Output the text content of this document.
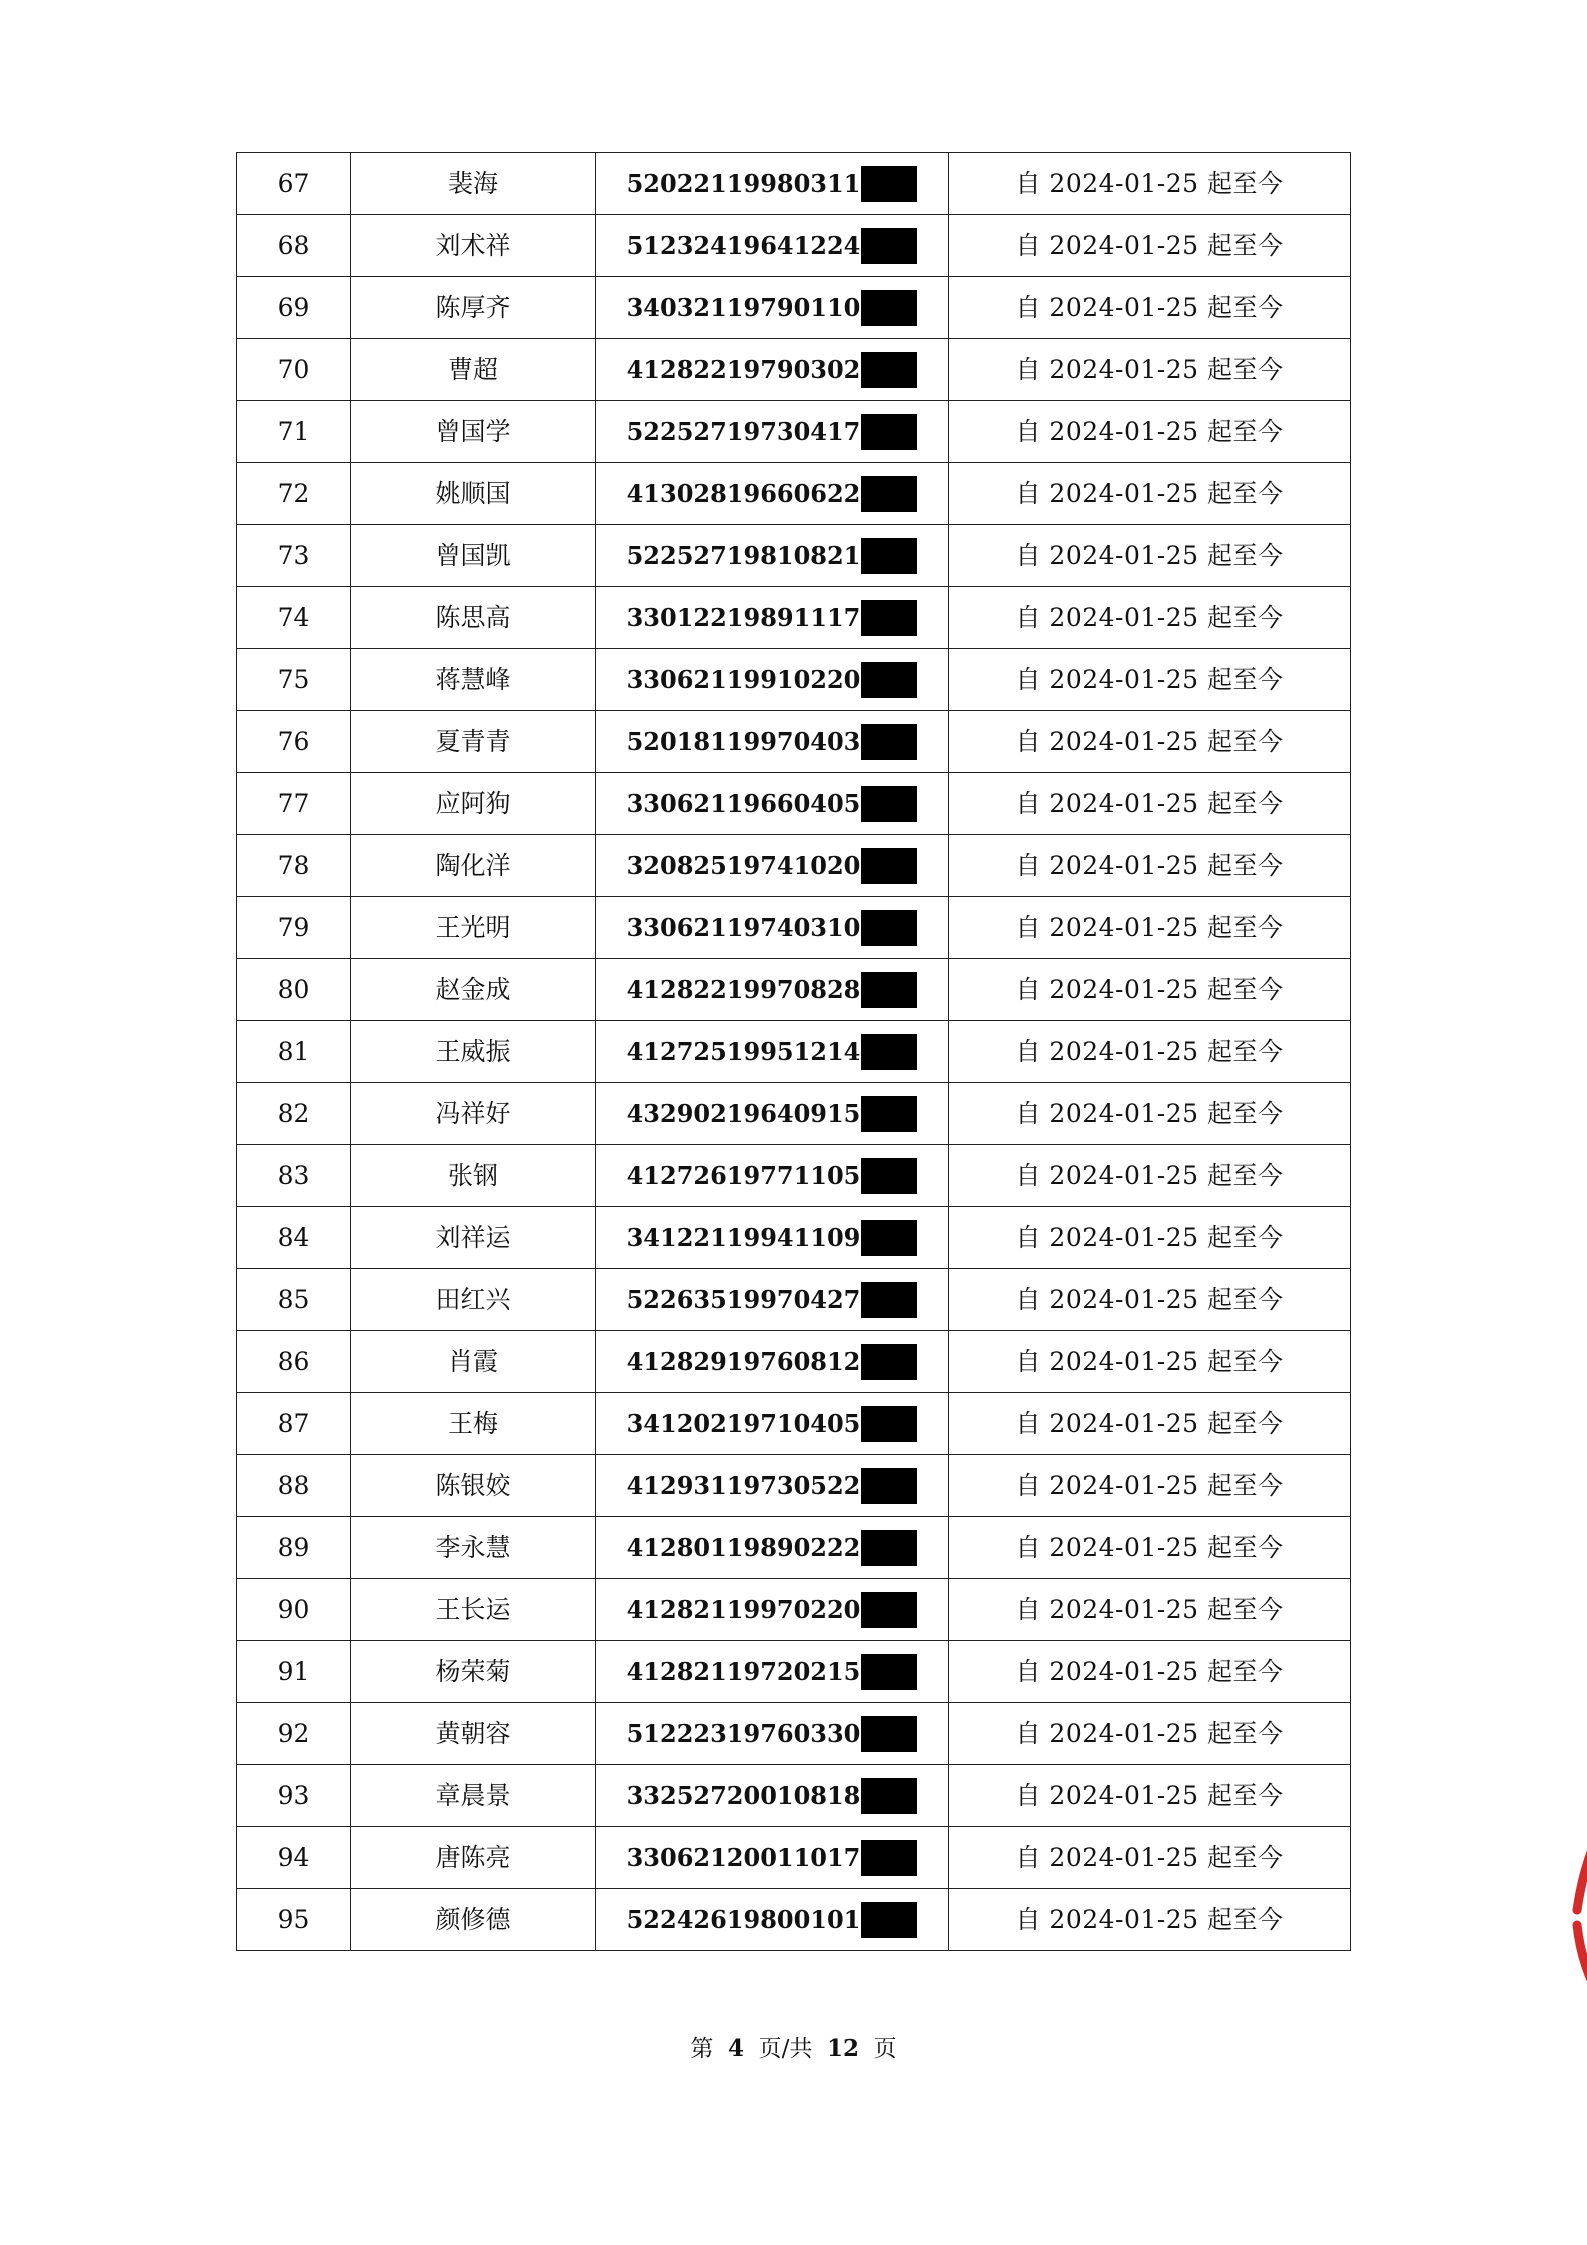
67	裴海	52022119980311	自 2024-01-25 起至今
68	刘术祥	51232419641224	自 2024-01-25 起至今
69	陈厚齐	34032119790110	自 2024-01-25 起至今
70	曹超	41282219790302	自 2024-01-25 起至今
71	曾国学	52252719730417	自 2024-01-25 起至今
72	姚顺国	41302819660622	自 2024-01-25 起至今
73	曾国凯	52252719810821	自 2024-01-25 起至今
74	陈思高	33012219891117	自 2024-01-25 起至今
75	蒋慧峰	33062119910220	自 2024-01-25 起至今
76	夏青青	52018119970403	自 2024-01-25 起至今
77	应阿狗	33062119660405	自 2024-01-25 起至今
78	陶化洋	32082519741020	自 2024-01-25 起至今
79	王光明	33062119740310	自 2024-01-25 起至今
80	赵金成	41282219970828	自 2024-01-25 起至今
81	王威振	41272519951214	自 2024-01-25 起至今
82	冯祥好	43290219640915	自 2024-01-25 起至今
83	张钢	41272619771105	自 2024-01-25 起至今
84	刘祥运	34122119941109	自 2024-01-25 起至今
85	田红兴	52263519970427	自 2024-01-25 起至今
86	肖霞	41282919760812	自 2024-01-25 起至今
87	王梅	34120219710405	自 2024-01-25 起至今
88	陈银姣	41293119730522	自 2024-01-25 起至今
89	李永慧	41280119890222	自 2024-01-25 起至今
90	王长运	41282119970220	自 2024-01-25 起至今
91	杨荣菊	41282119720215	自 2024-01-25 起至今
92	黄朝容	51222319760330	自 2024-01-25 起至今
93	章晨景	33252720010818	自 2024-01-25 起至今
94	唐陈亮	33062120011017	自 2024-01-25 起至今
95	颜修德	52242619800101	自 2024-01-25 起至今
第 4 页/共 12 页
